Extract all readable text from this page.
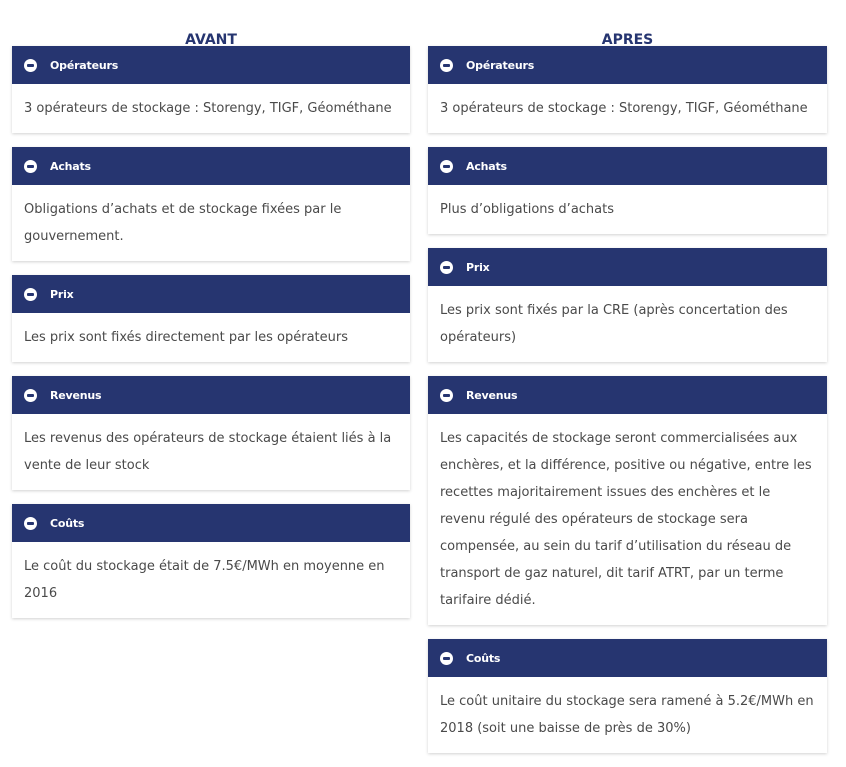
AVANT
Opérateurs
3 opérateurs de stockage : Storengy, TIGF, Géométhane
Achats
Obligations d’achats et de stockage fixées par le gouvernement.
Prix
Les prix sont fixés directement par les opérateurs
Revenus
Les revenus des opérateurs de stockage étaient liés à la vente de leur stock
Coûts
Le coût du stockage était de 7.5€/MWh en moyenne en 2016
APRES
Opérateurs
3 opérateurs de stockage : Storengy, TIGF, Géométhane
Achats
Plus d’obligations d’achats
Prix
Les prix sont fixés par la CRE (après concertation des opérateurs)
Revenus
Les capacités de stockage seront commercialisées aux enchères, et la différence, positive ou négative, entre les recettes majoritairement issues des enchères et le revenu régulé des opérateurs de stockage sera compensée, au sein du tarif d’utilisation du réseau de transport de gaz naturel, dit tarif ATRT, par un terme tarifaire dédié.
Coûts
Le coût unitaire du stockage sera ramené à 5.2€/MWh en 2018 (soit une baisse de près de 30%)
